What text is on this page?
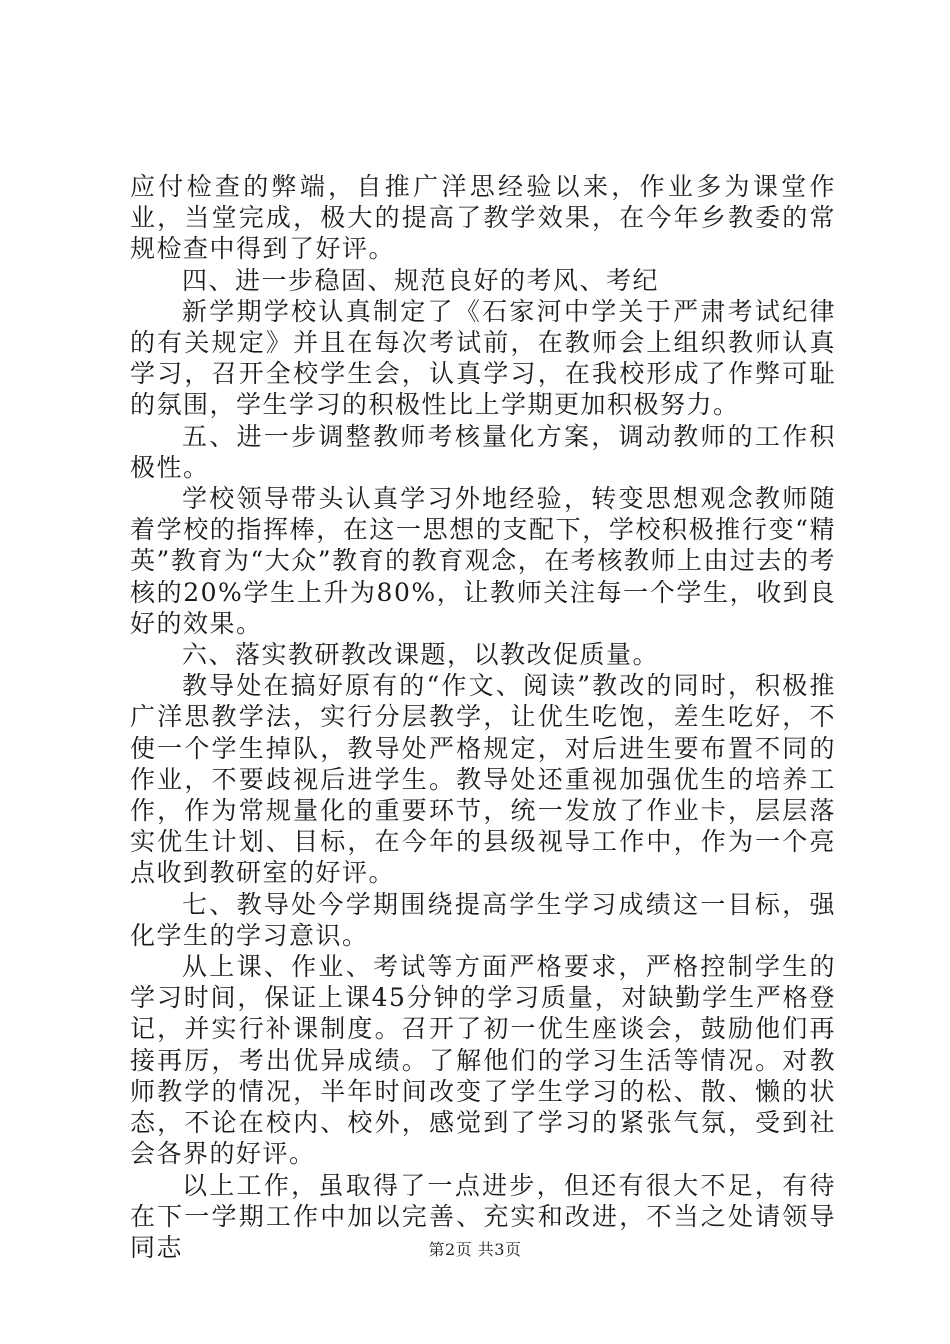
应付检查的弊端，自推广洋思经验以来，作业多为课堂作业，当堂完成，极大的提高了教学效果，在今年乡教委的常规检查中得到了好评。

四、进一步稳固、规范良好的考风、考纪

新学期学校认真制定了《石家河中学关于严肃考试纪律的有关规定》并且在每次考试前，在教师会上组织教师认真学习，召开全校学生会，认真学习，在我校形成了作弊可耻的氛围，学生学习的积极性比上学期更加积极努力。

五、进一步调整教师考核量化方案，调动教师的工作积极性。

学校领导带头认真学习外地经验，转变思想观念教师随着学校的指挥棒，在这一思想的支配下，学校积极推行变“精英”教育为“大众”教育的教育观念，在考核教师上由过去的考核的20%学生上升为80%，让教师关注每一个学生，收到良好的效果。

六、落实教研教改课题，以教改促质量。

教导处在搞好原有的“作文、阅读”教改的同时，积极推广洋思教学法，实行分层教学，让优生吃饱，差生吃好，不使一个学生掉队，教导处严格规定，对后进生要布置不同的作业，不要歧视后进学生。教导处还重视加强优生的培养工作，作为常规量化的重要环节，统一发放了作业卡，层层落实优生计划、目标，在今年的县级视导工作中，作为一个亮点收到教研室的好评。

七、教导处今学期围绕提高学生学习成绩这一目标，强化学生的学习意识。

从上课、作业、考试等方面严格要求，严格控制学生的学习时间，保证上课45分钟的学习质量，对缺勤学生严格登记，并实行补课制度。召开了初一优生座谈会，鼓励他们再接再厉，考出优异成绩。了解他们的学习生活等情况。对教师教学的情况，半年时间改变了学生学习的松、散、懒的状态，不论在校内、校外，感觉到了学习的紧张气氛，受到社会各界的好评。

以上工作，虽取得了一点进步，但还有很大不足，有待在下一学期工作中加以完善、充实和改进，不当之处请领导同志	第2页 共3页
